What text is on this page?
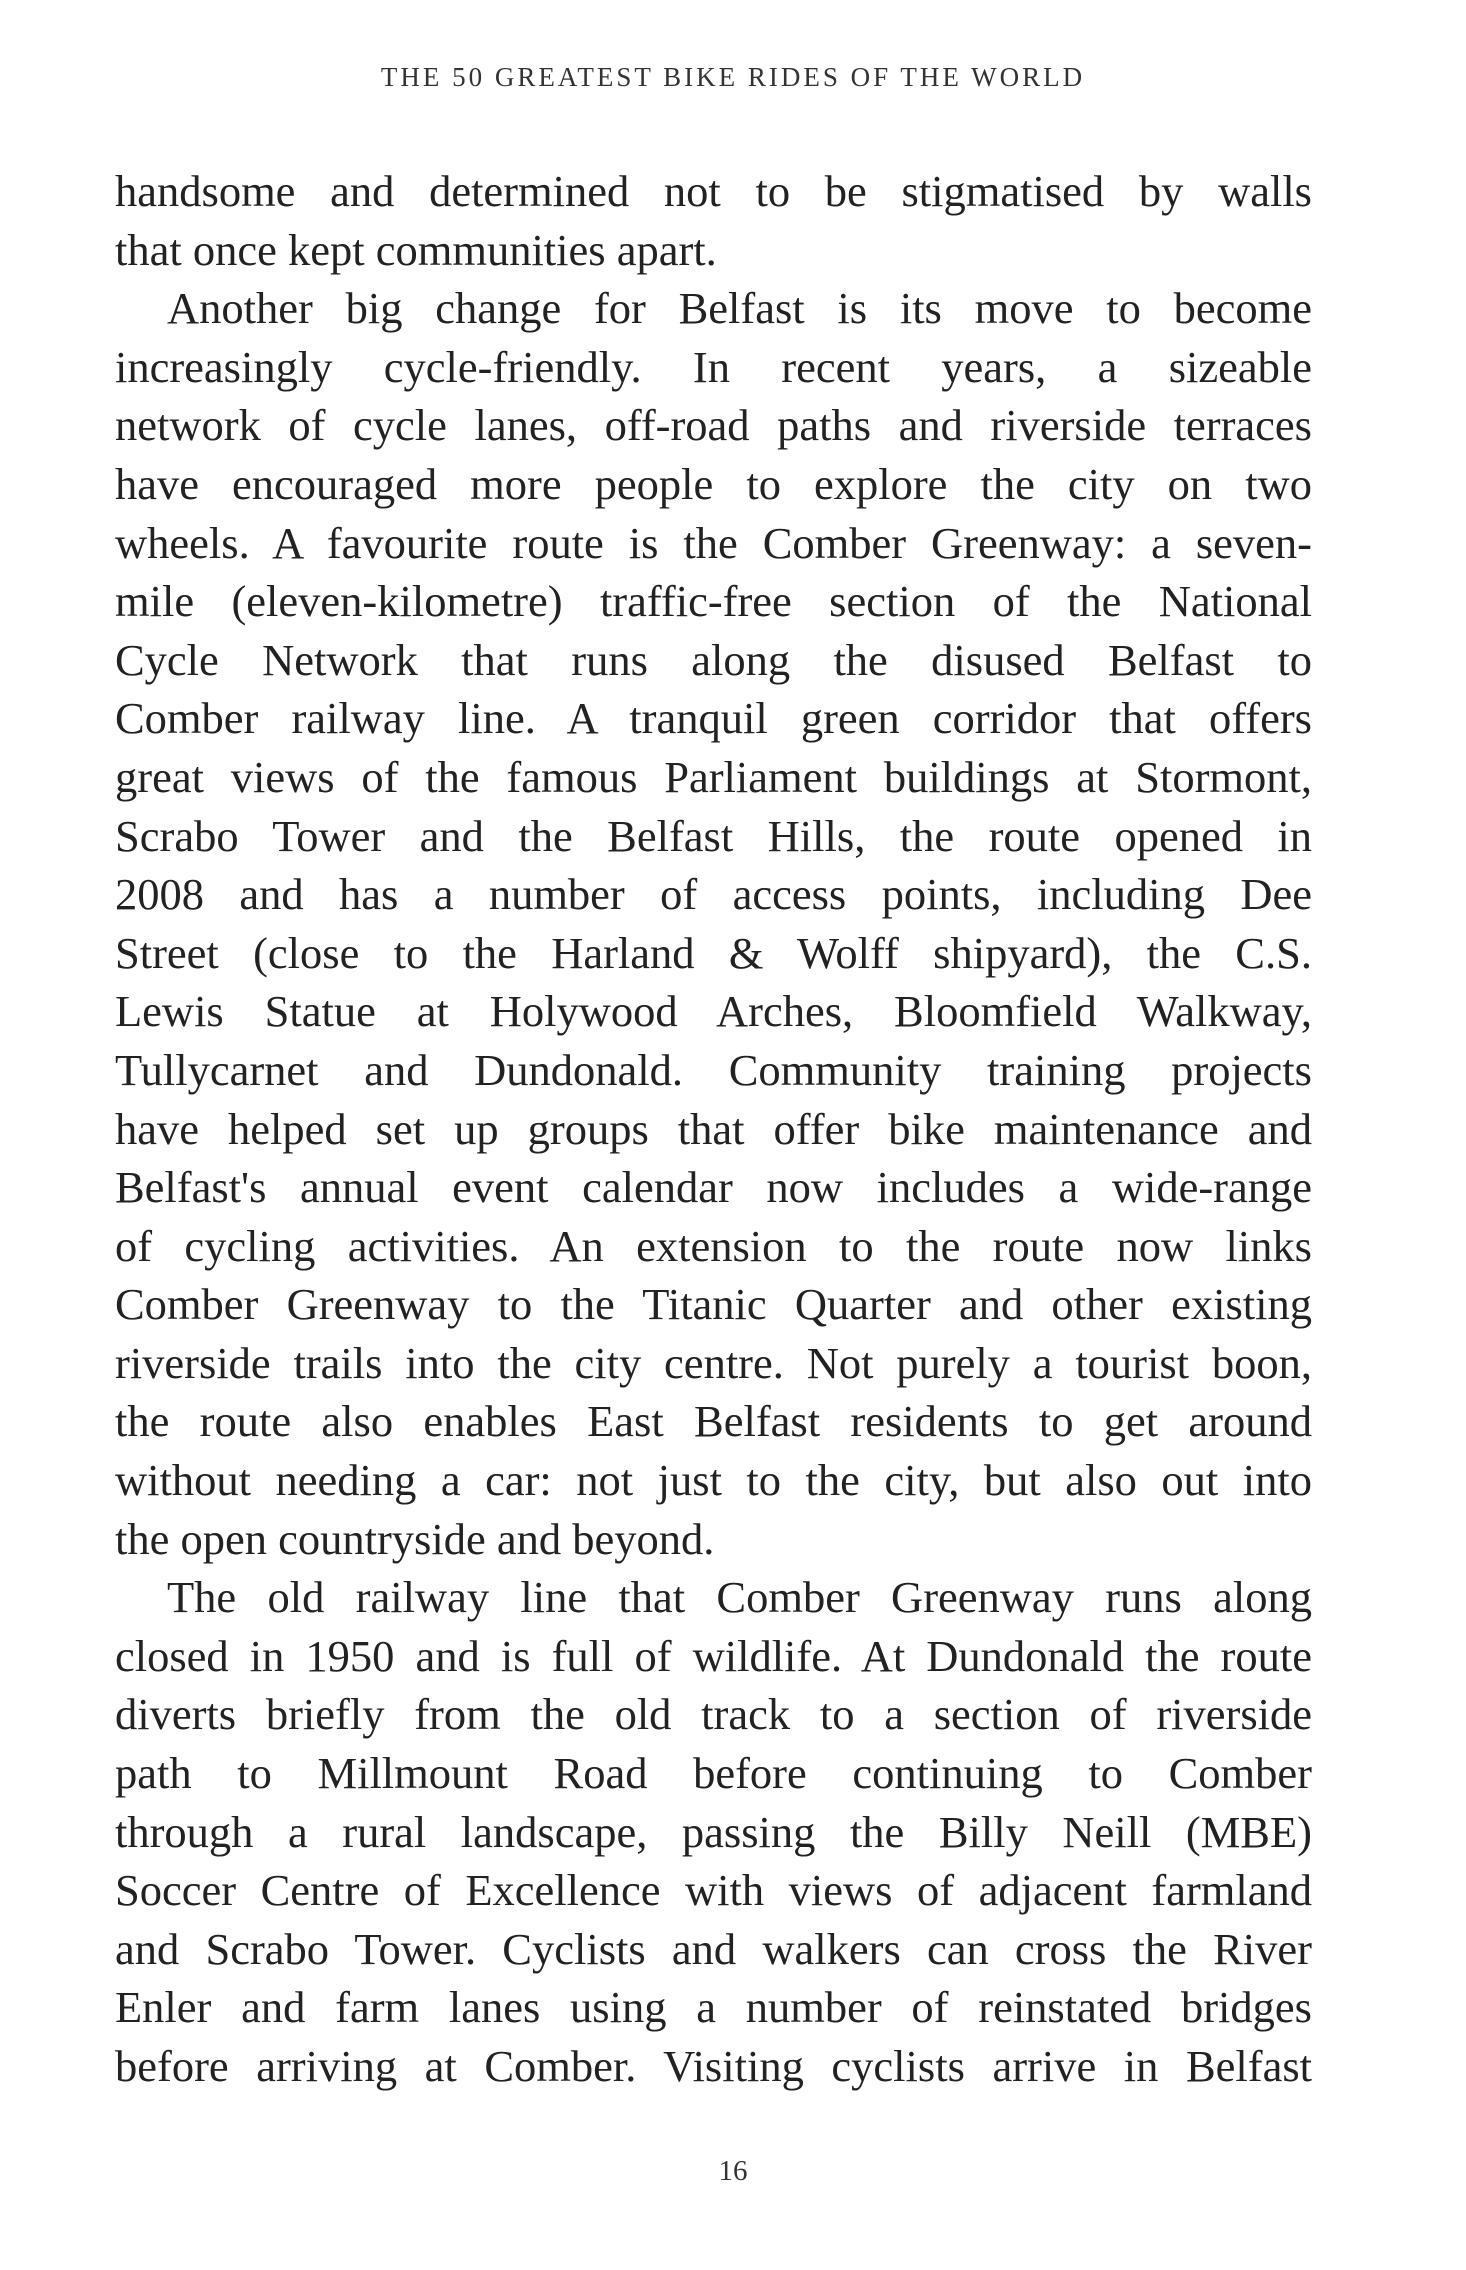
THE 50 GREATEST BIKE RIDES OF THE WORLD
handsome and determined not to be stigmatised by walls
that once kept communities apart.
Another big change for Belfast is its move to become
increasingly cycle-friendly. In recent years, a sizeable
network of cycle lanes, off-road paths and riverside terraces
have encouraged more people to explore the city on two
wheels. A favourite route is the Comber Greenway: a seven-
mile (eleven-kilometre) traffic-free section of the National
Cycle Network that runs along the disused Belfast to
Comber railway line. A tranquil green corridor that offers
great views of the famous Parliament buildings at Stormont,
Scrabo Tower and the Belfast Hills, the route opened in
2008 and has a number of access points, including Dee
Street (close to the Harland & Wolff shipyard), the C.S.
Lewis Statue at Holywood Arches, Bloomfield Walkway,
Tullycarnet and Dundonald. Community training projects
have helped set up groups that offer bike maintenance and
Belfast's annual event calendar now includes a wide-range
of cycling activities. An extension to the route now links
Comber Greenway to the Titanic Quarter and other existing
riverside trails into the city centre. Not purely a tourist boon,
the route also enables East Belfast residents to get around
without needing a car: not just to the city, but also out into
the open countryside and beyond.
The old railway line that Comber Greenway runs along
closed in 1950 and is full of wildlife. At Dundonald the route
diverts briefly from the old track to a section of riverside
path to Millmount Road before continuing to Comber
through a rural landscape, passing the Billy Neill (MBE)
Soccer Centre of Excellence with views of adjacent farmland
and Scrabo Tower. Cyclists and walkers can cross the River
Enler and farm lanes using a number of reinstated bridges
before arriving at Comber. Visiting cyclists arrive in Belfast
16
